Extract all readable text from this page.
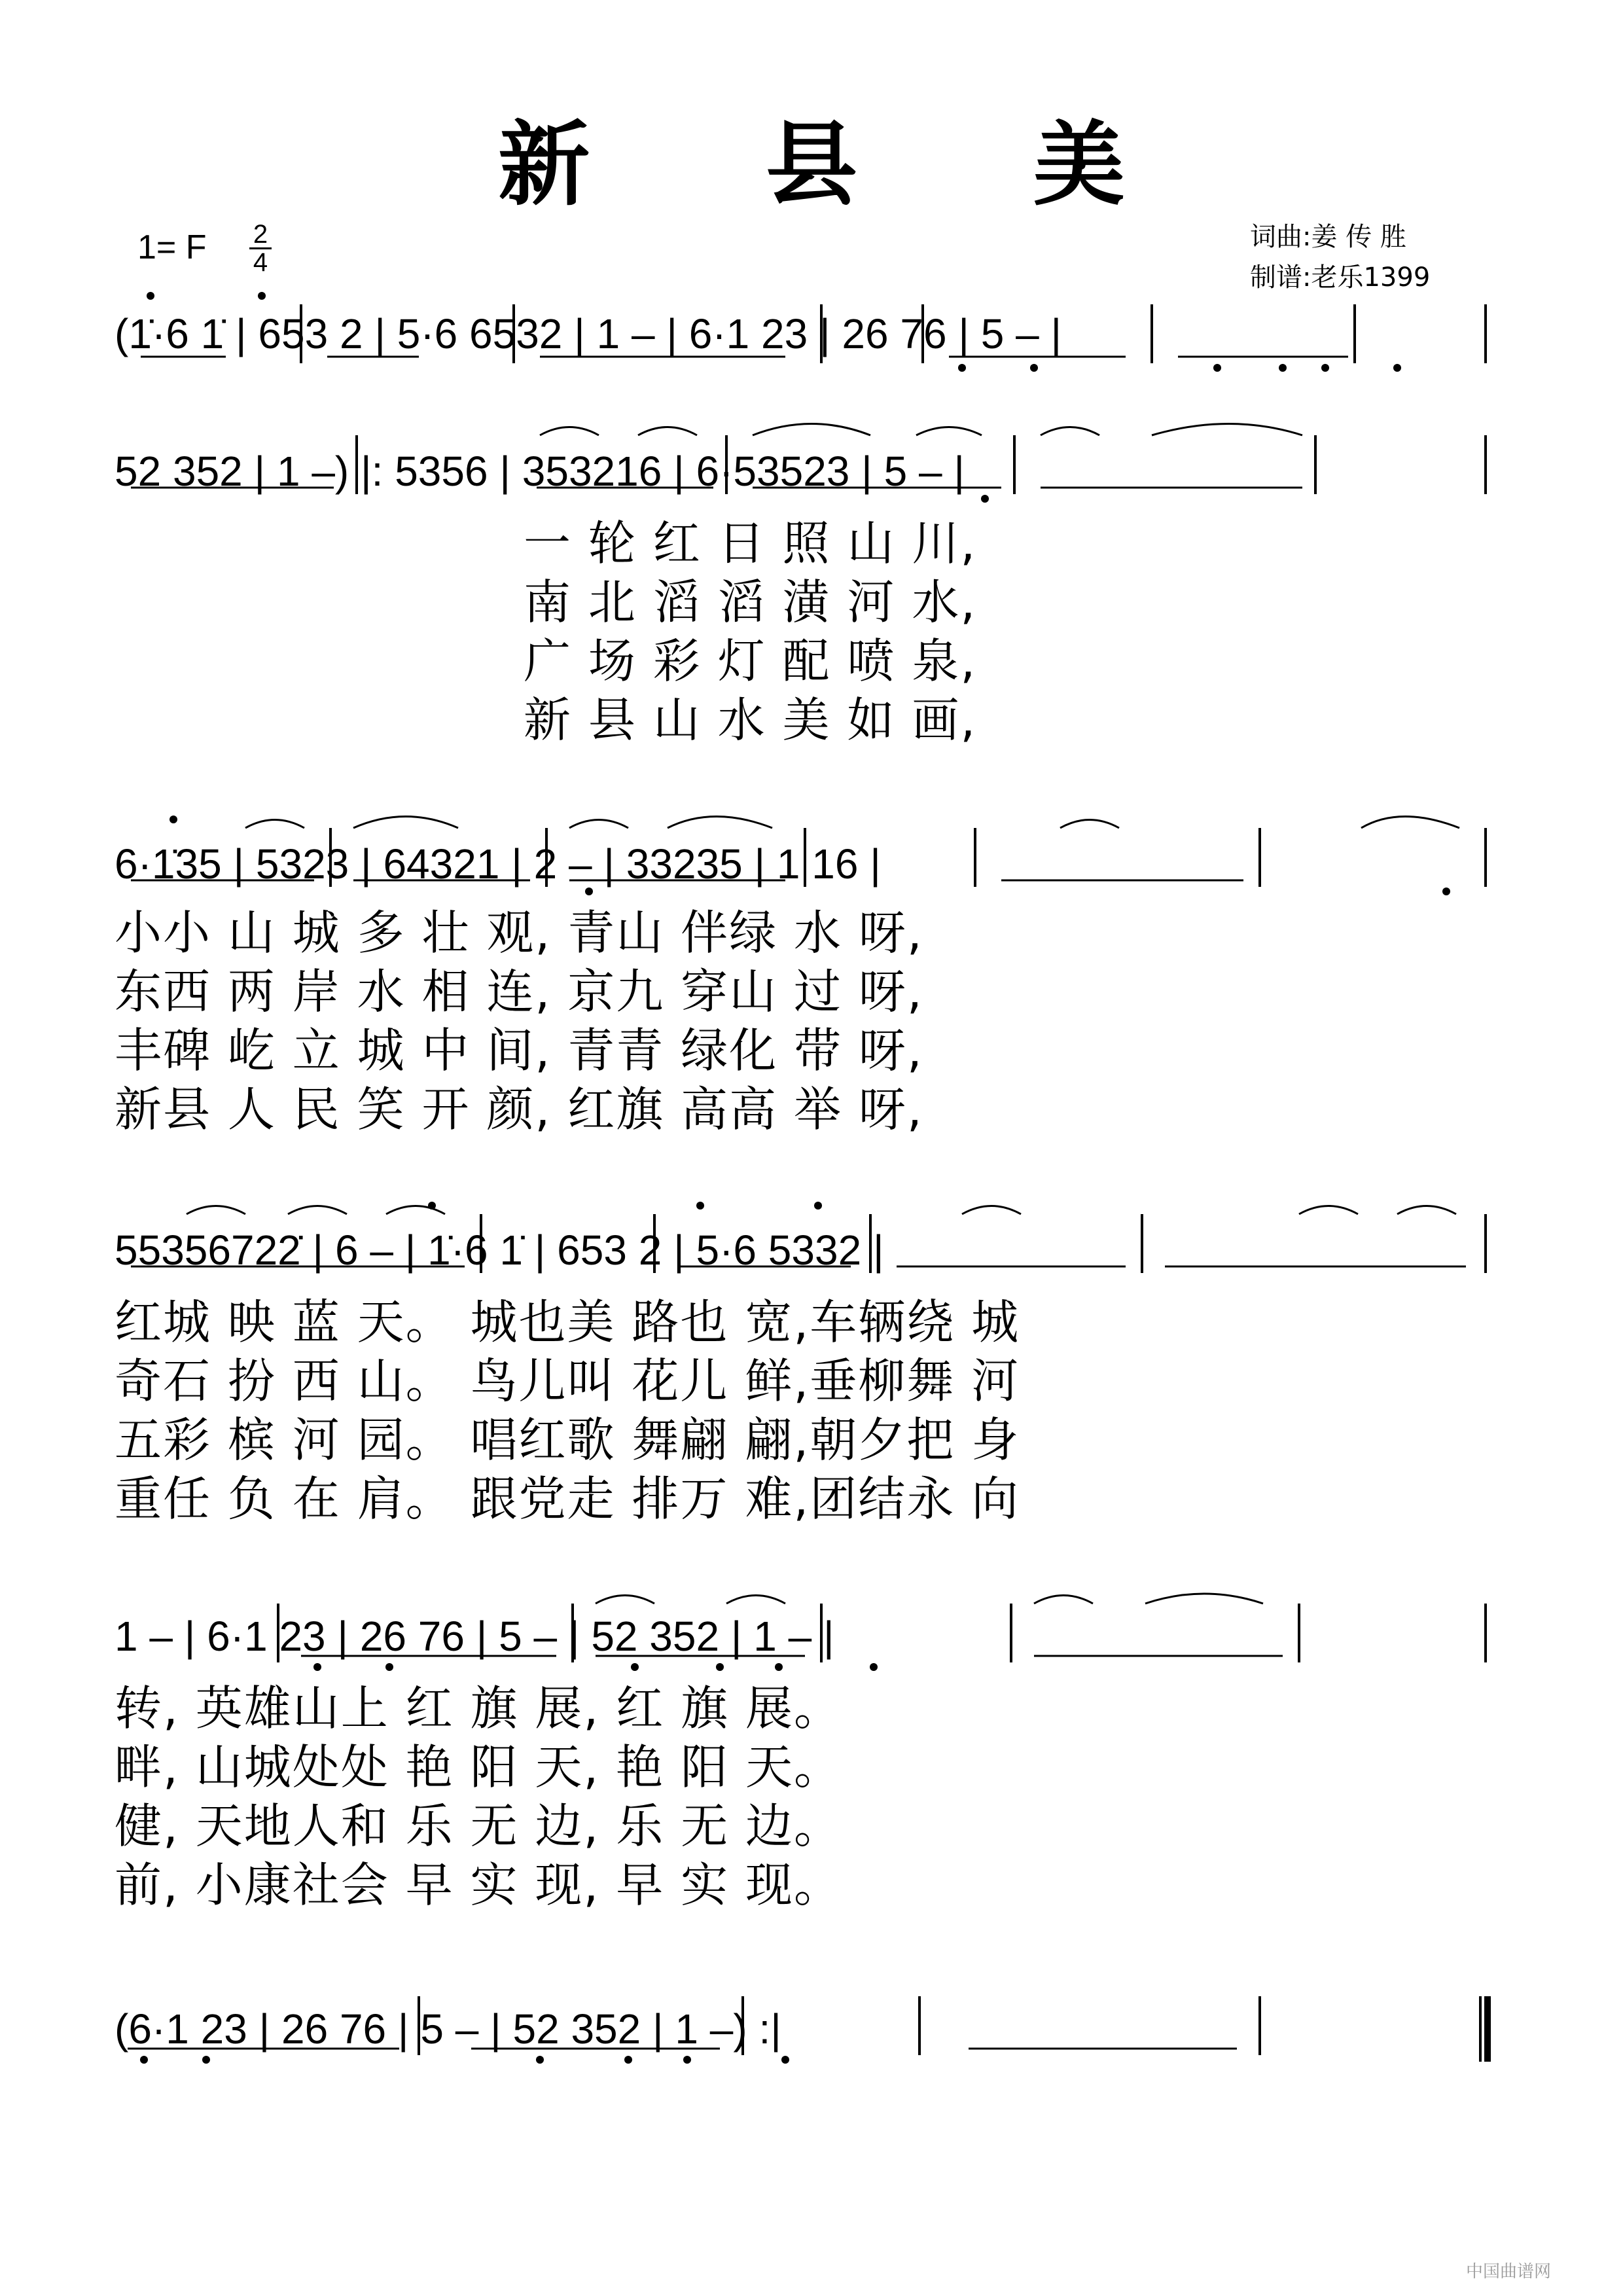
新 县 美
1= F 2
4
词曲:姜 传 胜
制谱:老乐1399
(1̇·6 1̇ | 653 2 | 5·6 6532 | 1 – | 6·1 23 | 26 76 | 5 – |
52 352 | 1 –) |: 5356 | 353216 | 6·53523 | 5 – |
6·1̇35 | 5323 | 64321 | 2 – | 33235 | 1 16 |
55356722̇ | 6 – | 1̇·6 1̇ | 653 2 | 5·6 5332 |
1 – | 6·1 23 | 26 76 | 5 – | 52 352 | 1 – |
(6·1 23 | 26 76 | 5 – | 52 352 | 1 –) :|
一 轮 红 日 照 山 川,
南 北 滔 滔 潢 河 水,
广 场 彩 灯 配 喷 泉,
新 县 山 水 美 如 画,
小小 山 城 多 壮 观, 青山 伴绿 水 呀,
东西 两 岸 水 相 连, 京九 穿山 过 呀,
丰碑 屹 立 城 中 间, 青青 绿化 带 呀,
新县 人 民 笑 开 颜, 红旗 高高 举 呀,
红城 映 蓝 天。 城也美 路也 宽,车辆绕 城
奇石 扮 西 山。 鸟儿叫 花儿 鲜,垂柳舞 河
五彩 槟 河 园。 唱红歌 舞翩 翩,朝夕把 身
重任 负 在 肩。 跟党走 排万 难,团结永 向
转, 英雄山上 红 旗 展, 红 旗 展。
畔, 山城处处 艳 阳 天, 艳 阳 天。
健, 天地人和 乐 无 边, 乐 无 边。
前, 小康社会 早 实 现, 早 实 现。
中国曲谱网
